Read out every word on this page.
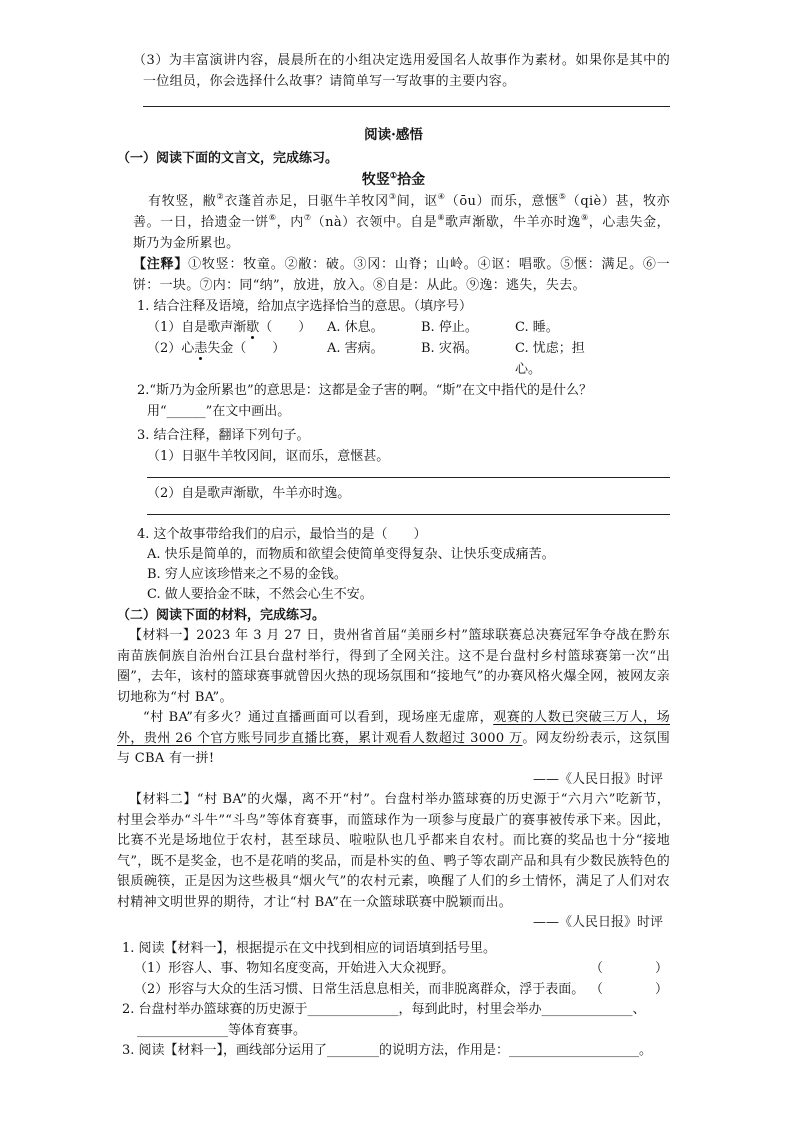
（3）为丰富演讲内容，晨晨所在的小组决定选用爱国名人故事作为素材。如果你是其中的一位组员，你会选择什么故事？请简单写一写故事的主要内容。

阅读·感悟
（一）阅读下面的文言文，完成练习。
牧竖①拾金

有牧竖，敝②衣蓬首赤足，日驱牛羊牧冈③间，讴④（ōu）而乐，意惬⑤（qiè）甚，牧亦善。一日，拾遗金一饼⑥，内⑦（nà）衣领中。自是⑧歌声渐歇，牛羊亦时逸⑨，心恚失金，斯乃为金所累也。

【注释】①牧竖：牧童。②敝：破。③冈：山脊；山岭。④讴：唱歌。⑤惬：满足。⑥一饼：一块。⑦内：同“纳”，放进，放入。⑧自是：从此。⑨逸：逃失，失去。

1. 结合注释及语境，给加点字选择恰当的意思。（填序号）
（1）自是歌声渐歇（　　）	A. 休息。	B. 停止。	C. 睡。
（2）心恚失金（　　）	A. 害病。	B. 灾祸。	C. 忧虑；担心。
2.“斯乃为金所累也”的意思是：这都是金子害的啊。“斯”在文中指代的是什么？用“______”在文中画出。
3. 结合注释，翻译下列句子。
（1）日驱牛羊牧冈间，讴而乐，意惬甚。
（2）自是歌声渐歇，牛羊亦时逸。
4. 这个故事带给我们的启示，最恰当的是（　　）
A. 快乐是简单的，而物质和欲望会使简单变得复杂、让快乐变成痛苦。
B. 穷人应该珍惜来之不易的金钱。
C. 做人要拾金不昧，不然会心生不安。
（二）阅读下面的材料，完成练习。

【材料一】2023 年 3 月 27 日，贵州省首届“美丽乡村”篮球联赛总决赛冠军争夺战在黔东南苗族侗族自治州台江县台盘村举行，得到了全网关注。这不是台盘村乡村篮球赛第一次“出圈”，去年，该村的篮球赛事就曾因火热的现场氛围和“接地气”的办赛风格火爆全网，被网友亲切地称为“村 BA”。

“村 BA”有多火？通过直播画面可以看到，现场座无虚席，观赛的人数已突破三万人，场外，贵州 26 个官方账号同步直播比赛，累计观看人数超过 3000 万。网友纷纷表示，这氛围与 CBA 有一拼!

——《人民日报》时评

【材料二】“村 BA”的火爆，离不开“村”。台盘村举办篮球赛的历史源于“六月六”吃新节，村里会举办“斗牛”“斗鸟”等体育赛事，而篮球作为一项参与度最广的赛事被传承下来。因此，比赛不光是场地位于农村，甚至球员、啦啦队也几乎都来自农村。而比赛的奖品也十分“接地气”，既不是奖金，也不是花哨的奖品，而是朴实的鱼、鸭子等农副产品和具有少数民族特色的银质碗筷，正是因为这些极具“烟火气”的农村元素，唤醒了人们的乡土情怀，满足了人们对农村精神文明世界的期待，才让“村 BA”在一众篮球联赛中脱颖而出。

——《人民日报》时评
1. 阅读【材料一】，根据提示在文中找到相应的词语填到括号里。
（1）形容人、事、物知名度变高，开始进入大众视野。	（　　　　）
（2）形容与大众的生活习惯、日常生活息息相关，而非脱离群众，浮于表面。 （　　　　）
2. 台盘村举办篮球赛的历史源于______________，每到此时，村里会举办______________、______________等体育赛事。
3. 阅读【材料一】，画线部分运用了________的说明方法，作用是：____________________。
